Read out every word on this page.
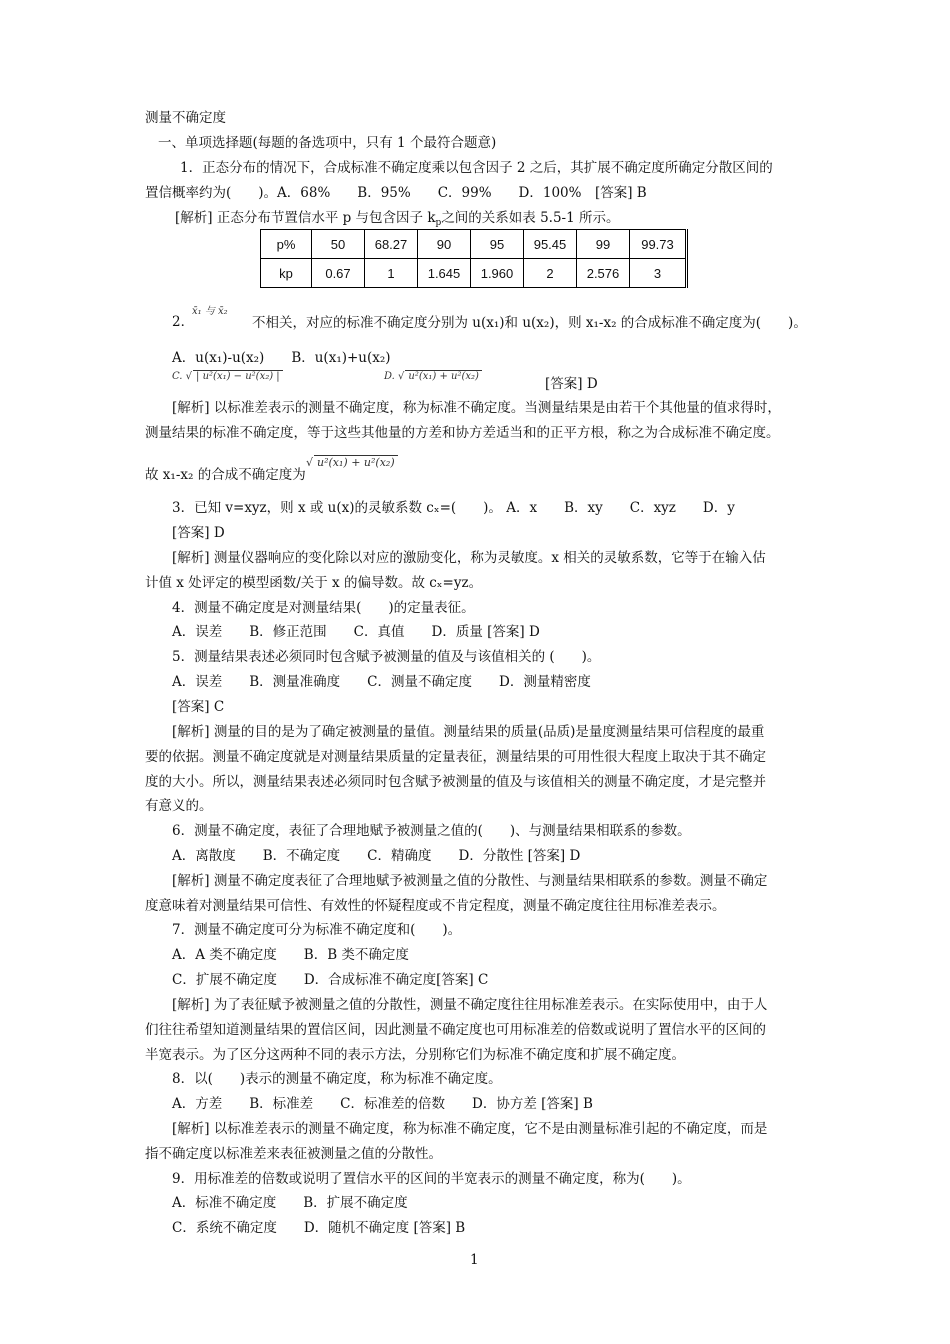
测量不确定度
一、单项选择题(每题的备选项中，只有 1 个最符合题意)
1．正态分布的情况下，合成标准不确定度乘以包含因子 2 之后，其扩展不确定度所确定分散区间的
置信概率约为(　　)。A．68%　　B．95%　　C．99%　　D．100%　[答案] B
[解析] 正态分布节置信水平 p 与包含因子 $k_p$之间的关系如表 5.5-1 所示。
p%	50	68.27	90	95	95.45	99	99.73
kp	0.67	1	1.645	1.960	2	2.576	3
2．
x̄₁ 与 x̄₂
不相关，对应的标准不确定度分别为 u(x₁)和 u(x₂)，则 x₁-x₂ 的合成标准不确定度为(　　)。
A．u(x₁)-u(x₂)　　B．u(x₁)+u(x₂)
C. √ | u²(x₁) − u²(x₂) |	D. √ u²(x₁) + u²(x₂)	[答案] D
[解析] 以标准差表示的测量不确定度，称为标准不确定度。当测量结果是由若干个其他量的值求得时，
测量结果的标准不确定度，等于这些其他量的方差和协方差适当和的正平方根，称之为合成标准不确定度。
故 x₁-x₂ 的合成不确定度为
√ u²(x₁) + u²(x₂)
3．已知 v=xyz，则 x 或 u(x)的灵敏系数 cₓ=(　　)。 A．x　　B．xy　　C．xyz　　D．y
[答案] D
[解析] 测量仪器响应的变化除以对应的激励变化，称为灵敏度。x 相关的灵敏系数，它等于在输入估
计值 x 处评定的模型函数/关于 x 的偏导数。故 cₓ=yz。
4．测量不确定度是对测量结果(　　)的定量表征。
A．误差　　B．修正范围　　C．真值　　D．质量 [答案] D
5．测量结果表述必须同时包含赋予被测量的值及与该值相关的 (　　)。
A．误差　　B．测量准确度　　C．测量不确定度　　D．测量精密度
[答案] C
[解析] 测量的目的是为了确定被测量的量值。测量结果的质量(品质)是量度测量结果可信程度的最重
要的依据。测量不确定度就是对测量结果质量的定量表征，测量结果的可用性很大程度上取决于其不确定
度的大小。所以，测量结果表述必须同时包含赋予被测量的值及与该值相关的测量不确定度，才是完整并
有意义的。
6．测量不确定度，表征了合理地赋予被测量之值的(　　)、与测量结果相联系的参数。
A．离散度　　B．不确定度　　C．精确度　　D．分散性 [答案] D
[解析] 测量不确定度表征了合理地赋予被测量之值的分散性、与测量结果相联系的参数。测量不确定
度意味着对测量结果可信性、有效性的怀疑程度或不肯定程度，测量不确定度往往用标准差表示。
7．测量不确定度可分为标准不确定度和(　　)。
A．A 类不确定度　　B．B 类不确定度
C．扩展不确定度　　D．合成标准不确定度[答案] C
[解析] 为了表征赋予被测量之值的分散性，测量不确定度往往用标准差表示。在实际使用中，由于人
们往往希望知道测量结果的置信区间，因此测量不确定度也可用标准差的倍数或说明了置信水平的区间的
半宽表示。为了区分这两种不同的表示方法，分别称它们为标准不确定度和扩展不确定度。
8．以(　　)表示的测量不确定度，称为标准不确定度。
A．方差　　B．标准差　　C．标准差的倍数　　D．协方差 [答案] B
[解析] 以标准差表示的测量不确定度，称为标准不确定度，它不是由测量标准引起的不确定度，而是
指不确定度以标准差来表征被测量之值的分散性。
9．用标准差的倍数或说明了置信水平的区间的半宽表示的测量不确定度，称为(　　)。
A．标准不确定度　　B．扩展不确定度
C．系统不确定度　　D．随机不确定度 [答案] B
1
